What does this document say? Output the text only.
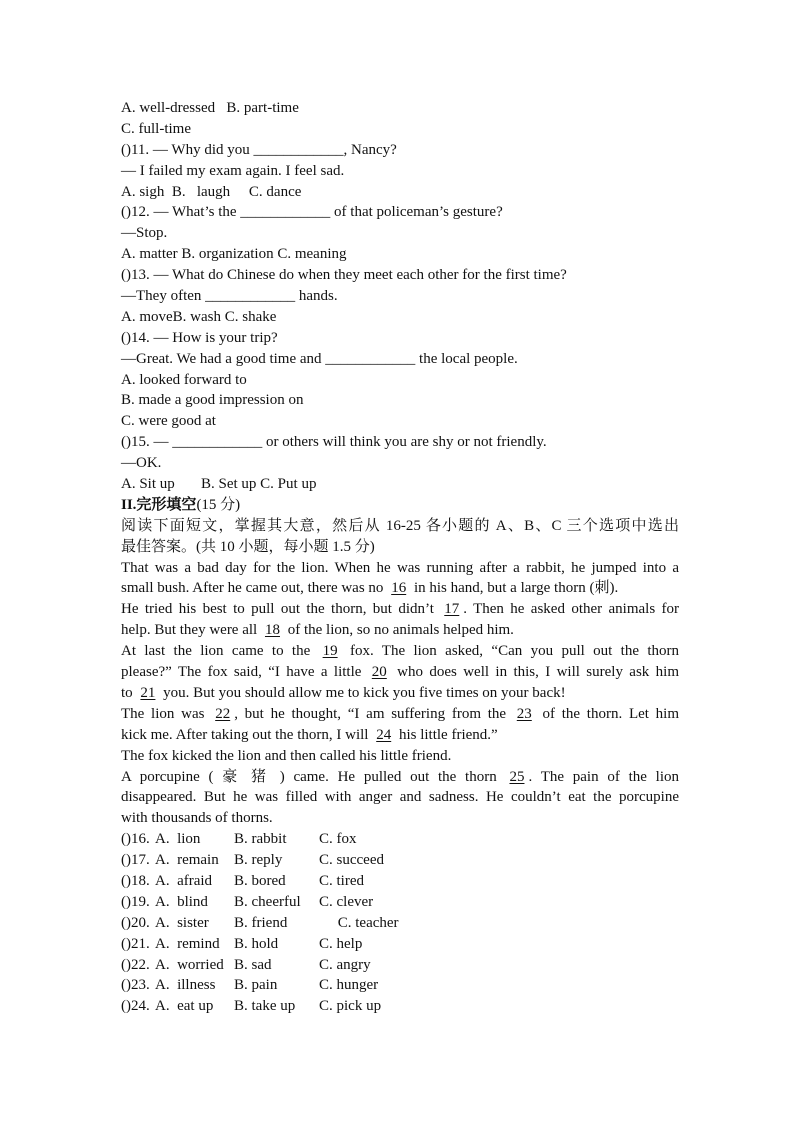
A. well-dressed   B. part-time
C. full-time
()11. — Why did you ____________, Nancy?
— I failed my exam again. I feel sad.
A. sigh  B.   laugh     C. dance
()12. — What’s the ____________ of that policeman’s gesture?
—Stop.
A. matter B. organization C. meaning
()13. — What do Chinese do when they meet each other for the first time?
—They often ____________ hands.
A. moveB. wash C. shake
()14. — How is your trip?
—Great. We had a good time and ____________ the local people.
A. looked forward to
B. made a good impression on
C. were good at
()15. — ____________ or others will think you are shy or not friendly.
—OK.
A. Sit up       B. Set up C. Put up
II.完形填空(15 分)
阅读下面短文，掌握其大意，然后从 16-25 各小题的 A、B、C 三个选项中选出
最佳答案。(共 10 小题，每小题 1.5 分)
That was a bad day for the lion. When he was running after a rabbit, he jumped into a
small bush. After he came out, there was no 16 in his hand, but a large thorn (刺).
He tried his best to pull out the thorn, but didn’t 17 . Then he asked other animals for
help. But they were all 18 of the lion, so no animals helped him.
At last the lion came to the 19 fox. The lion asked, “Can you pull out the thorn
please?” The fox said, “I have a little 20 who does well in this, I will surely ask him
to 21 you. But you should allow me to kick you five times on your back!
The lion was 22 , but he thought, “I am suffering from the 23 of the thorn. Let him
kick me. After taking out the thorn, I will 24 his little friend.”
The fox kicked the lion and then called his little friend.
A porcupine ( 豪 猪 ) came. He pulled out the thorn 25 . The pain of the lion
disappeared. But he was filled with anger and sadness. He couldn’t eat the porcupine
with thousands of thorns.
()16. A.  lion	B. rabbit	C. fox
()17. A.  remain	B. reply	C. succeed
()18. A.  afraid	B. bored	C. tired
()19. A.  blind	B. cheerful	C. clever
()20. A.  sister	B. friend	C. teacher
()21. A.  remind B. hold	C. help
()22. A.  worried B. sad	C. angry
()23. A.  illness	B. pain	C. hunger
()24. A.  eat up	B. take up	C. pick up
